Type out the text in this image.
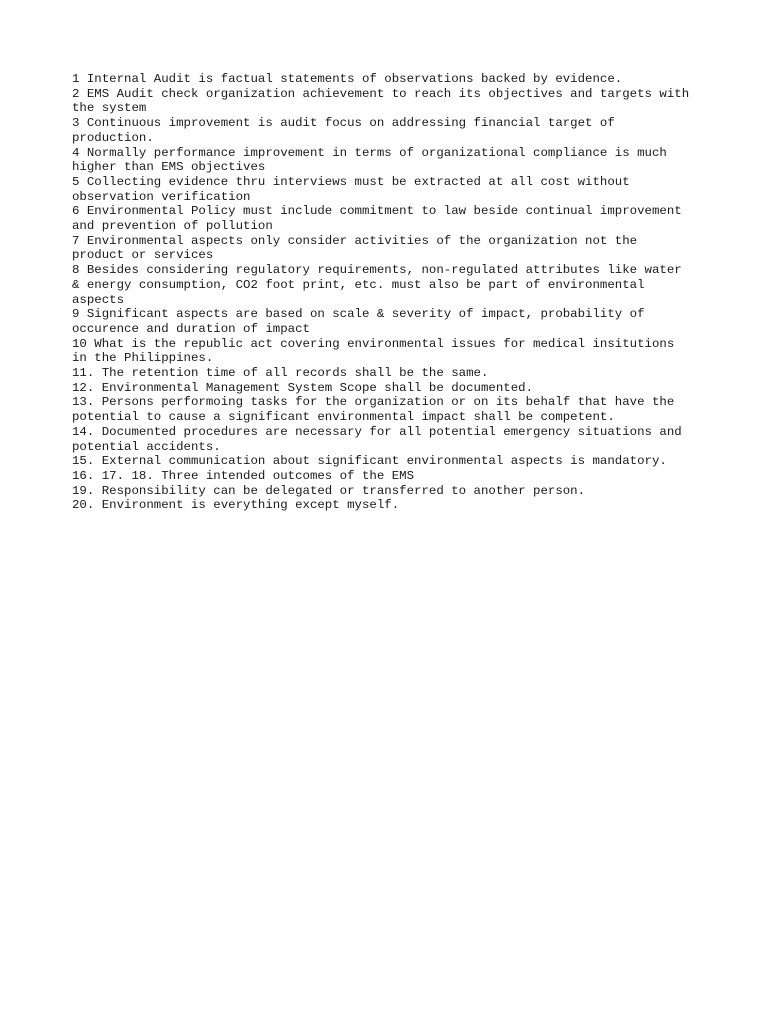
1 Internal Audit is factual statements of observations backed by evidence.

2 EMS Audit check organization achievement to reach its objectives and targets with

the system

3 Continuous improvement is audit focus on addressing financial target of

production.

4 Normally performance improvement in terms of organizational compliance is much

higher than EMS objectives

5 Collecting evidence thru interviews must be extracted at all cost without

observation verification

6 Environmental Policy must include commitment to law beside continual improvement

and prevention of pollution

7 Environmental aspects only consider activities of the organization not the

product or services

8 Besides considering regulatory requirements, non-regulated attributes like water

& energy consumption, CO2 foot print, etc. must also be part of environmental

aspects

9 Significant aspects are based on scale & severity of impact, probability of

occurence and duration of impact

10 What is the republic act covering environmental issues for medical insitutions

in the Philippines.

11. The retention time of all records shall be the same.

12. Environmental Management System Scope shall be documented.

13. Persons performoing tasks for the organization or on its behalf that have the

potential to cause a significant environmental impact shall be competent.

14. Documented procedures are necessary for all potential emergency situations and

potential accidents.

15. External communication about significant environmental aspects is mandatory.

16. 17. 18. Three intended outcomes of the EMS

19. Responsibility can be delegated or transferred to another person.

20. Environment is everything except myself.
